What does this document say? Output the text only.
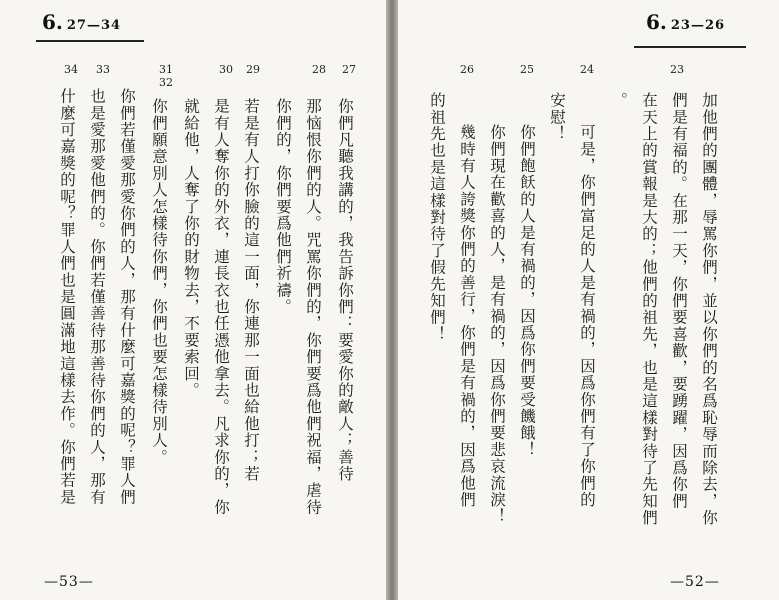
6. 27—34
34 33	31
32
30 29	28 27
你們凡聽我講的，我告訴你們：要愛你的敵人；善待
那恼恨你們的人。咒罵你們的，你們要爲他們祝福，虐待
你們的，你們要爲他們祈禱。
若是有人打你臉的這一面，你連那一面也給他打；若
是有人奪你的外衣，連長衣也任憑他拿去。凡求你的，你
就給他，人奪了你的財物去，不要索回。
你們願意別人怎樣待你們，你們也要怎樣待別人。
你們若僅愛那愛你們的人，那有什麼可嘉獎的呢？罪人們
也是愛那愛他們的。你們若僅善待那善待你們的人，那有
什麼可嘉獎的呢？罪人們也是圓滿地這樣去作。你們若是
—53—
6. 23—26
26	25	24	23
加他們的團體，辱罵你們，並以你們的名爲恥辱而除去，你
們是有福的。在那一天，你們要喜歡，要踴躍，因爲你們
在天上的賞報是大的；他們的祖先，也是這樣對待了先知們
。
可是，你們富足的人是有禍的，因爲你們有了你們的
安慰！
你們飽飫的人是有禍的，因爲你們要受饑餓！
你們現在歡喜的人，是有禍的，因爲你們要悲哀流淚！
幾時有人誇獎你們的善行，你們是有禍的，因爲他們
的祖先也是這樣對待了假先知們！
—52—
